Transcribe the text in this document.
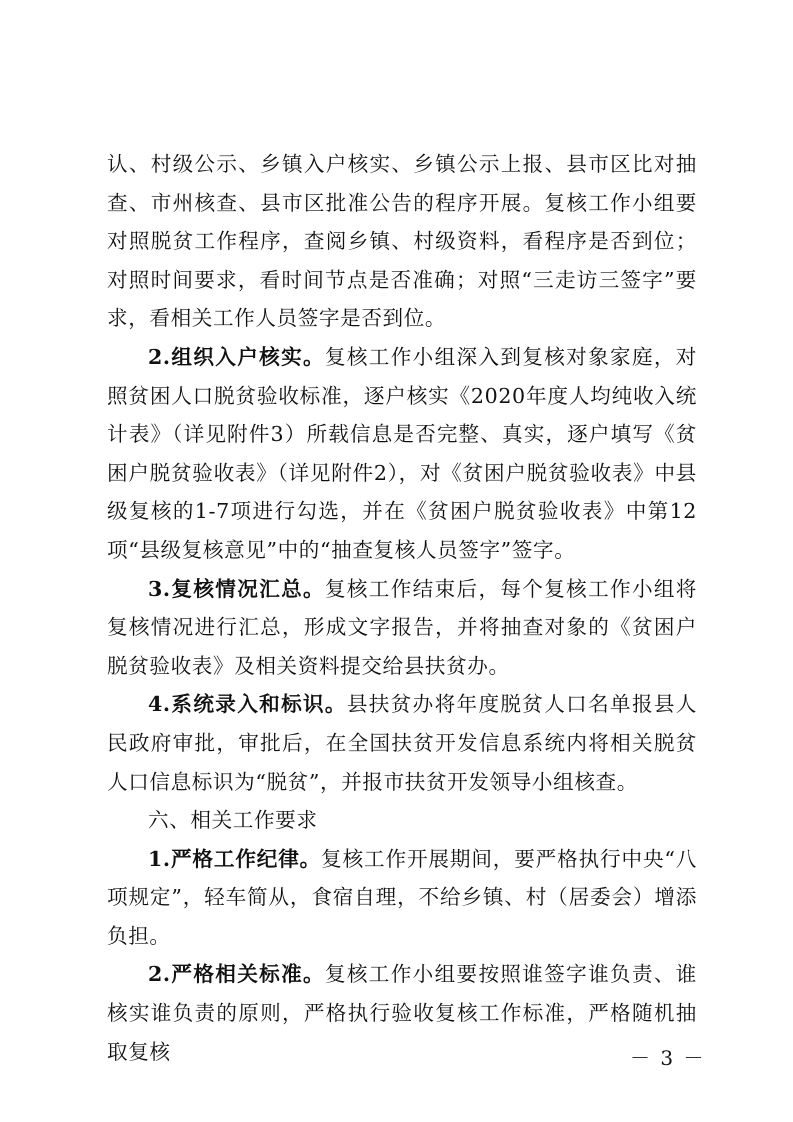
认、村级公示、乡镇入户核实、乡镇公示上报、县市区比对抽查、市州核查、县市区批准公告的程序开展。复核工作小组要对照脱贫工作程序，查阅乡镇、村级资料，看程序是否到位；对照时间要求，看时间节点是否准确；对照“三走访三签字”要求，看相关工作人员签字是否到位。

2.组织入户核实。复核工作小组深入到复核对象家庭，对照贫困人口脱贫验收标准，逐户核实《2020年度人均纯收入统计表》（详见附件3）所载信息是否完整、真实，逐户填写《贫困户脱贫验收表》（详见附件2），对《贫困户脱贫验收表》中县级复核的1-7项进行勾选，并在《贫困户脱贫验收表》中第12项“县级复核意见”中的“抽查复核人员签字”签字。

3.复核情况汇总。复核工作结束后，每个复核工作小组将复核情况进行汇总，形成文字报告，并将抽查对象的《贫困户脱贫验收表》及相关资料提交给县扶贫办。

4.系统录入和标识。县扶贫办将年度脱贫人口名单报县人民政府审批，审批后，在全国扶贫开发信息系统内将相关脱贫人口信息标识为“脱贫”，并报市扶贫开发领导小组核查。

六、相关工作要求

1.严格工作纪律。复核工作开展期间，要严格执行中央“八项规定”，轻车简从，食宿自理，不给乡镇、村（居委会）增添负担。

2.严格相关标准。复核工作小组要按照谁签字谁负责、谁核实谁负责的原则，严格执行验收复核工作标准，严格随机抽取复核	－ 3 －
